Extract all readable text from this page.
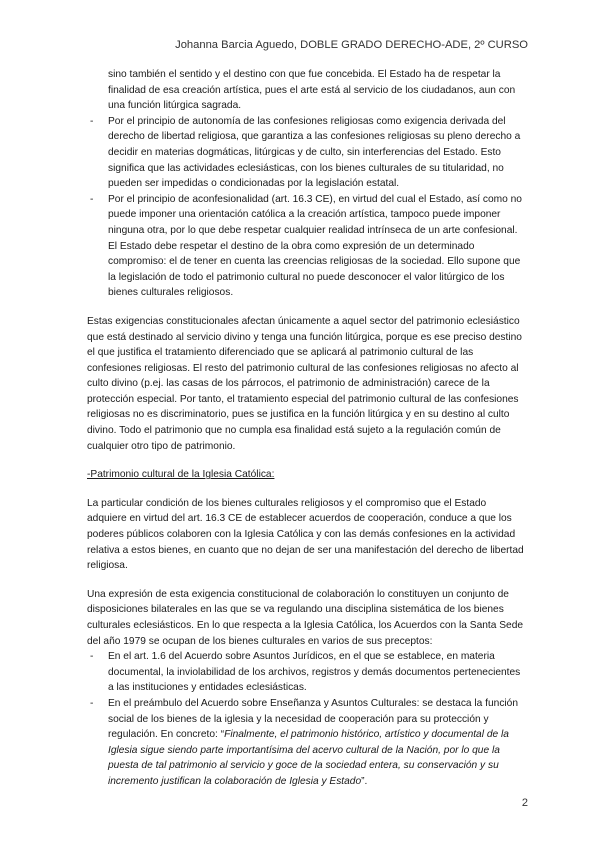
Johanna Barcia Aguedo, DOBLE GRADO DERECHO-ADE, 2º CURSO
sino también el sentido y el destino con que fue concebida. El Estado ha de respetar la finalidad de esa creación artística, pues el arte está al servicio de los ciudadanos, aun con una función litúrgica sagrada.
- Por el principio de autonomía de las confesiones religiosas como exigencia derivada del derecho de libertad religiosa, que garantiza a las confesiones religiosas su pleno derecho a decidir en materias dogmáticas, litúrgicas y de culto, sin interferencias del Estado. Esto significa que las actividades eclesiásticas, con los bienes culturales de su titularidad, no pueden ser impedidas o condicionadas por la legislación estatal.
- Por el principio de aconfesionalidad (art. 16.3 CE), en virtud del cual el Estado, así como no puede imponer una orientación católica a la creación artística, tampoco puede imponer ninguna otra, por lo que debe respetar cualquier realidad intrínseca de un arte confesional. El Estado debe respetar el destino de la obra como expresión de un determinado compromiso: el de tener en cuenta las creencias religiosas de la sociedad. Ello supone que la legislación de todo el patrimonio cultural no puede desconocer el valor litúrgico de los bienes culturales religiosos.

Estas exigencias constitucionales afectan únicamente a aquel sector del patrimonio eclesiástico que está destinado al servicio divino y tenga una función litúrgica, porque es ese preciso destino el que justifica el tratamiento diferenciado que se aplicará al patrimonio cultural de las confesiones religiosas. El resto del patrimonio cultural de las confesiones religiosas no afecto al culto divino (p.ej. las casas de los párrocos, el patrimonio de administración) carece de la protección especial. Por tanto, el tratamiento especial del patrimonio cultural de las confesiones religiosas no es discriminatorio, pues se justifica en la función litúrgica y en su destino al culto divino. Todo el patrimonio que no cumpla esa finalidad está sujeto a la regulación común de cualquier otro tipo de patrimonio.

-Patrimonio cultural de la Iglesia Católica:

La particular condición de los bienes culturales religiosos y el compromiso que el Estado adquiere en virtud del art. 16.3 CE de establecer acuerdos de cooperación, conduce a que los poderes públicos colaboren con la Iglesia Católica y con las demás confesiones en la actividad relativa a estos bienes, en cuanto que no dejan de ser una manifestación del derecho de libertad religiosa.

Una expresión de esta exigencia constitucional de colaboración lo constituyen un conjunto de disposiciones bilaterales en las que se va regulando una disciplina sistemática de los bienes culturales eclesiásticos. En lo que respecta a la Iglesia Católica, los Acuerdos con la Santa Sede del año 1979 se ocupan de los bienes culturales en varios de sus preceptos:

- En el art. 1.6 del Acuerdo sobre Asuntos Jurídicos, en el que se establece, en materia documental, la inviolabilidad de los archivos, registros y demás documentos pertenecientes a las instituciones y entidades eclesiásticas.
- En el preámbulo del Acuerdo sobre Enseñanza y Asuntos Culturales: se destaca la función social de los bienes de la iglesia y la necesidad de cooperación para su protección y regulación. En concreto: “Finalmente, el patrimonio histórico, artístico y documental de la Iglesia sigue siendo parte importantísima del acervo cultural de la Nación, por lo que la puesta de tal patrimonio al servicio y goce de la sociedad entera, su conservación y su incremento justifican la colaboración de Iglesia y Estado”.
2
